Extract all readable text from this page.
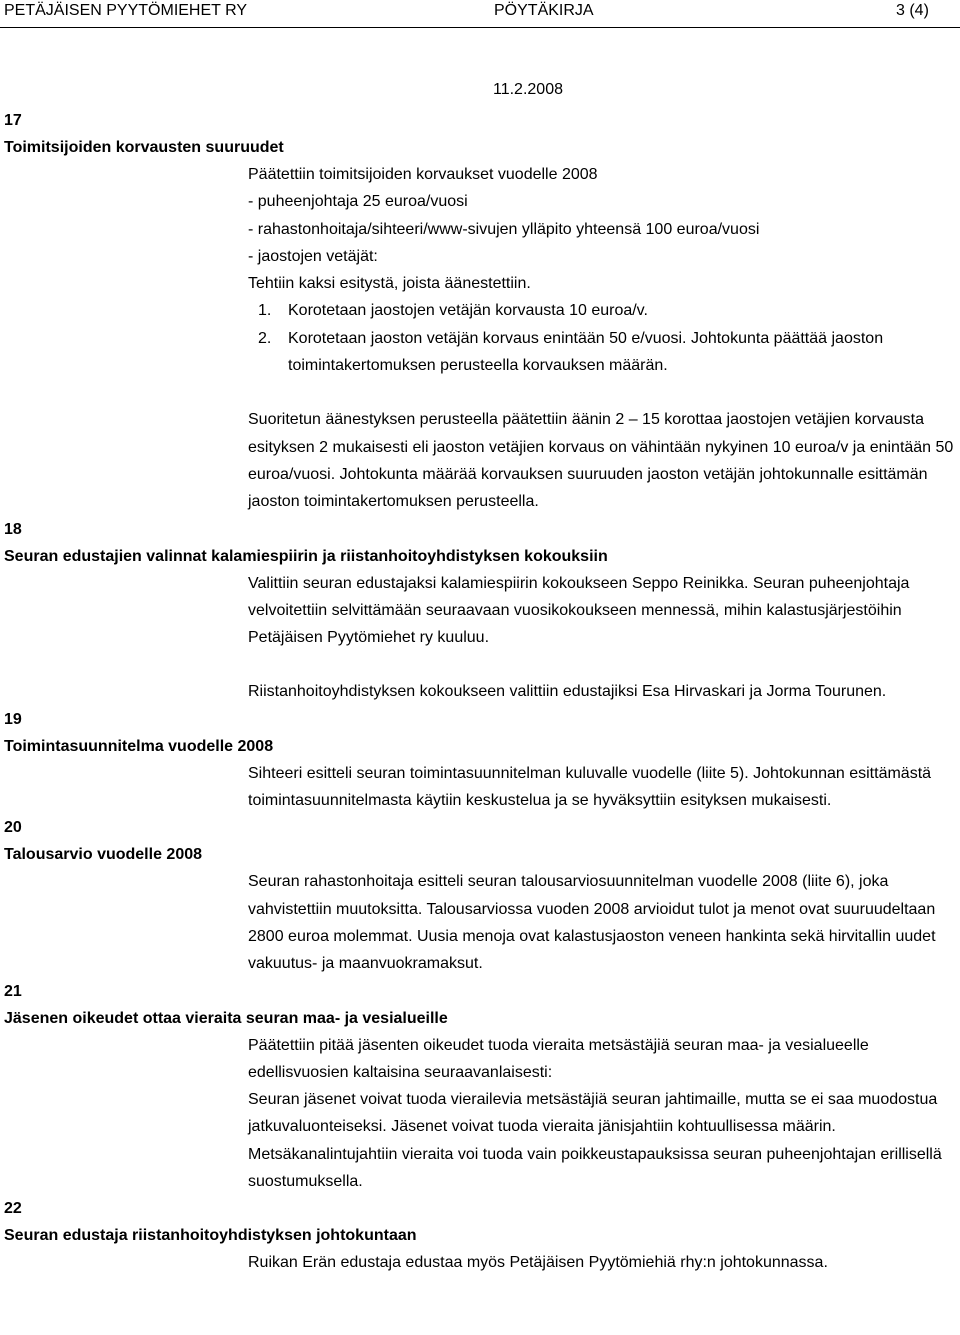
PETÄJÄISEN PYYTÖMIEHET RY	PÖYTÄKIRJA	3 (4)
11.2.2008
17
Toimitsijoiden korvausten suuruudet

Päätettiin toimitsijoiden korvaukset vuodelle 2008

- puheenjohtaja 25 euroa/vuosi

- rahastonhoitaja/sihteeri/www-sivujen ylläpito yhteensä 100 euroa/vuosi

- jaostojen vetäjät:

Tehtiin kaksi esitystä, joista äänestettiin.

1. Korotetaan jaostojen vetäjän korvausta 10 euroa/v.
2. Korotetaan jaoston vetäjän korvaus enintään 50 e/vuosi. Johtokunta päättää jaoston toimintakertomuksen perusteella korvauksen määrän.

Suoritetun äänestyksen perusteella päätettiin äänin 2 – 15 korottaa jaostojen vetäjien korvausta esityksen 2 mukaisesti eli jaoston vetäjien korvaus on vähintään nykyinen 10 euroa/v ja enintään 50 euroa/vuosi. Johtokunta määrää korvauksen suuruuden jaoston vetäjän johtokunnalle esittämän jaoston toimintakertomuksen perusteella.

18
Seuran edustajien valinnat kalamiespiirin ja riistanhoitoyhdistyksen kokouksiin

Valittiin seuran edustajaksi kalamiespiirin kokoukseen Seppo Reinikka. Seuran puheenjohtaja velvoitettiin selvittämään seuraavaan vuosikokoukseen mennessä, mihin kalastusjärjestöihin Petäjäisen Pyytömiehet ry kuuluu.

Riistanhoitoyhdistyksen kokoukseen valittiin edustajiksi Esa Hirvaskari ja Jorma Tourunen.

19
Toimintasuunnitelma vuodelle 2008

Sihteeri esitteli seuran toimintasuunnitelman kuluvalle vuodelle (liite 5). Johtokunnan esittämästä toimintasuunnitelmasta käytiin keskustelua ja se hyväksyttiin esityksen mukaisesti.

20
Talousarvio vuodelle 2008

Seuran rahastonhoitaja esitteli seuran talousarviosuunnitelman vuodelle 2008 (liite 6), joka vahvistettiin muutoksitta. Talousarviossa vuoden 2008 arvioidut tulot ja menot ovat suuruudeltaan 2800 euroa molemmat. Uusia menoja ovat kalastusjaoston veneen hankinta sekä hirvitallin uudet vakuutus- ja maanvuokramaksut.

21
Jäsenen oikeudet ottaa vieraita seuran maa- ja vesialueille

Päätettiin pitää jäsenten oikeudet tuoda vieraita metsästäjiä seuran maa- ja vesialueelle edellisvuosien kaltaisina seuraavanlaisesti:

Seuran jäsenet voivat tuoda vierailevia metsästäjiä seuran jahtimaille, mutta se ei saa muodostua jatkuvaluonteiseksi. Jäsenet voivat tuoda vieraita jänisjahtiin kohtuullisessa määrin. Metsäkanalintujahtiin vieraita voi tuoda vain poikkeustapauksissa seuran puheenjohtajan erillisellä suostumuksella.

22
Seuran edustaja riistanhoitoyhdistyksen johtokuntaan

Ruikan Erän edustaja edustaa myös Petäjäisen Pyytömiehiä rhy:n johtokunnassa.
